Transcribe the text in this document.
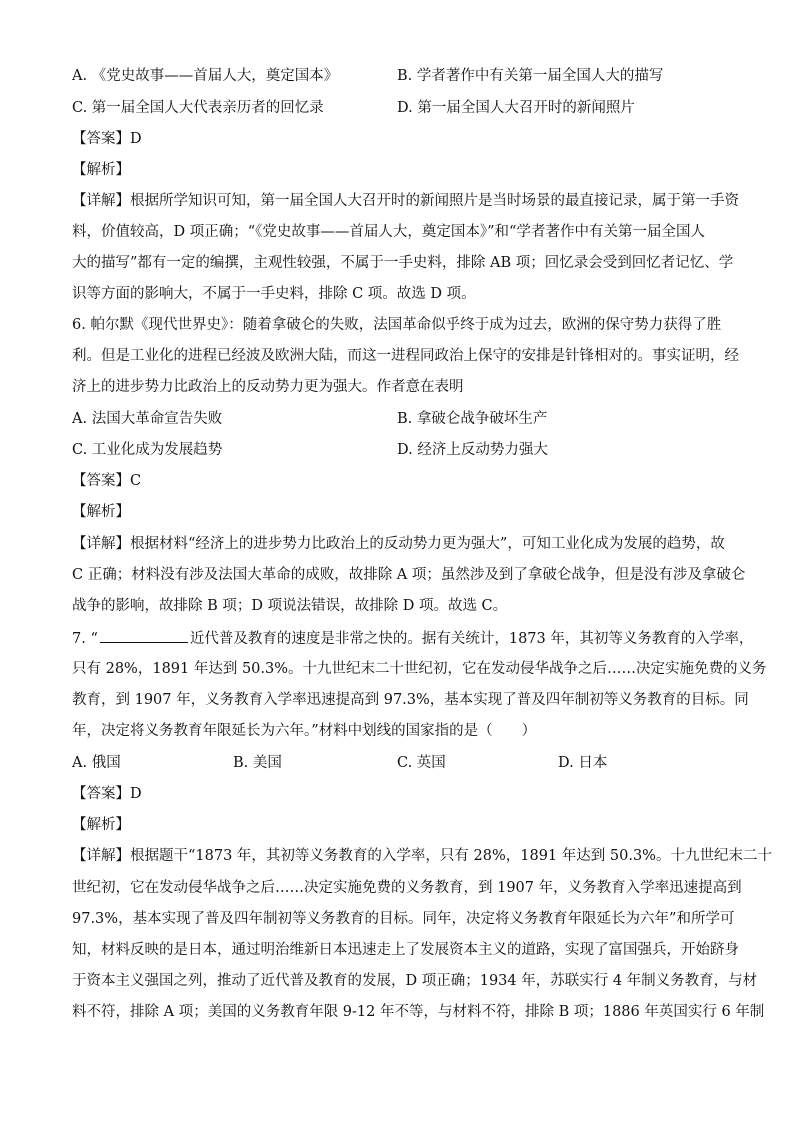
A. 《党史故事——首届人大，奠定国本》	B. 学者著作中有关第一届全国人大的描写
C. 第一届全国人大代表亲历者的回忆录	D. 第一届全国人大召开时的新闻照片
【答案】D
【解析】
【详解】根据所学知识可知，第一届全国人大召开时的新闻照片是当时场景的最直接记录，属于第一手资
料，价值较高，D 项正确；“《党史故事——首届人大，奠定国本》”和“学者著作中有关第一届全国人
大的描写”都有一定的编撰，主观性较强，不属于一手史料，排除 AB 项；回忆录会受到回忆者记忆、学
识等方面的影响大，不属于一手史料，排除 C 项。故选 D 项。
6. 帕尔默《现代世界史》：随着拿破仑的失败，法国革命似乎终于成为过去，欧洲的保守势力获得了胜
利。但是工业化的进程已经波及欧洲大陆，而这一进程同政治上保守的安排是针锋相对的。事实证明，经
济上的进步势力比政治上的反动势力更为强大。作者意在表明
A. 法国大革命宣告失败	B. 拿破仑战争破坏生产
C. 工业化成为发展趋势	D. 经济上反动势力强大
【答案】C
【解析】
【详解】根据材料“经济上的进步势力比政治上的反动势力更为强大”，可知工业化成为发展的趋势，故
C 正确；材料没有涉及法国大革命的成败，故排除 A 项；虽然涉及到了拿破仑战争，但是没有涉及拿破仑
战争的影响，故排除 B 项；D 项说法错误，故排除 D 项。故选 C。
7. “	近代普及教育的速度是非常之快的。据有关统计，1873 年，其初等义务教育的入学率，
只有 28%，1891 年达到 50.3%。十九世纪末二十世纪初，它在发动侵华战争之后……决定实施免费的义务
教育，到 1907 年，义务教育入学率迅速提高到 97.3%，基本实现了普及四年制初等义务教育的目标。同
年，决定将义务教育年限延长为六年。”材料中划线的国家指的是（　　）
A. 俄国	B. 美国	C. 英国	D. 日本
【答案】D
【解析】
【详解】根据题干“1873 年，其初等义务教育的入学率，只有 28%，1891 年达到 50.3%。十九世纪末二十
世纪初，它在发动侵华战争之后……决定实施免费的义务教育，到 1907 年，义务教育入学率迅速提高到
97.3%，基本实现了普及四年制初等义务教育的目标。同年，决定将义务教育年限延长为六年”和所学可
知，材料反映的是日本，通过明治维新日本迅速走上了发展资本主义的道路，实现了富国强兵，开始跻身
于资本主义强国之列，推动了近代普及教育的发展，D 项正确；1934 年，苏联实行 4 年制义务教育，与材
料不符，排除 A 项；美国的义务教育年限 9-12 年不等，与材料不符，排除 B 项；1886 年英国实行 6 年制
